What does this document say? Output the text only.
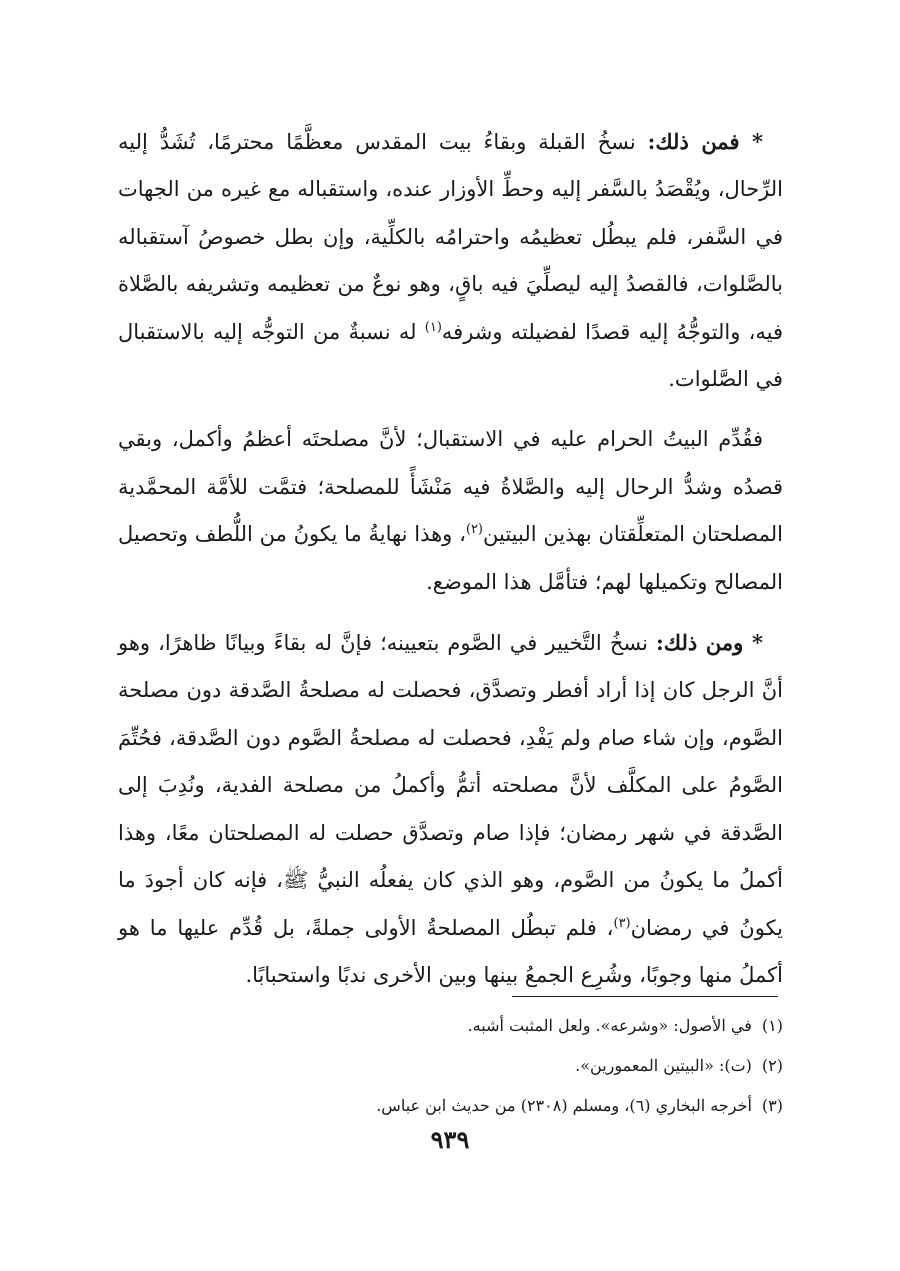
* فمن ذلك: نسخُ القبلة وبقاءُ بيت المقدس معظَّمًا محترمًا، تُشَدُّ إليه الرِّحال، ويُقْصَدُ بالسَّفر إليه وحطِّ الأوزار عنده، واستقباله مع غيره من الجهات في السَّفر، فلم يبطُل تعظيمُه واحترامُه بالكلِّية، وإن بطل خصوصُ آستقباله بالصَّلوات، فالقصدُ إليه ليصلِّيَ فيه باقٍ، وهو نوعٌ من تعظيمه وتشريفه بالصَّلاة فيه، والتوجُّهُ إليه قصدًا لفضيلته وشرفه$^{(١)}$ له نسبةٌ من التوجُّه إليه بالاستقبال في الصَّلوات.

فقُدِّم البيتُ الحرام عليه في الاستقبال؛ لأنَّ مصلحتَه أعظمُ وأكمل، وبقي قصدُه وشدُّ الرحال إليه والصَّلاةُ فيه مَنْشَأً للمصلحة؛ فتمَّت للأمَّة المحمَّدية المصلحتان المتعلِّقتان بهذين البيتين$^{(٢)}$، وهذا نهايةُ ما يكونُ من اللُّطف وتحصيل المصالح وتكميلها لهم؛ فتأمَّل هذا الموضع.

* ومن ذلك: نسخُ التَّخيير في الصَّوم بتعيينه؛ فإنَّ له بقاءً وبيانًا ظاهرًا، وهو أنَّ الرجل كان إذا أراد أفطر وتصدَّق، فحصلت له مصلحةُ الصَّدقة دون مصلحة الصَّوم، وإن شاء صام ولم يَفْدِ، فحصلت له مصلحةُ الصَّوم دون الصَّدقة، فحُتِّمَ الصَّومُ على المكلَّف لأنَّ مصلحته أتمُّ وأكملُ من مصلحة الفدية، ونُدِبَ إلى الصَّدقة في شهر رمضان؛ فإذا صام وتصدَّق حصلت له المصلحتان معًا، وهذا أكملُ ما يكونُ من الصَّوم، وهو الذي كان يفعلُه النبيُّ ﷺ، فإنه كان أجودَ ما يكونُ في رمضان$^{(٣)}$، فلم تبطُل المصلحةُ الأولى جملةً، بل قُدِّم عليها ما هو أكملُ منها وجوبًا، وشُرِع الجمعُ بينها وبين الأخرى ندبًا واستحبابًا.

(١)في الأصول: «وشرعه». ولعل المثبت أشبه.

(٢)(ت): «البيتين المعمورين».

(٣)أخرجه البخاري (٦)، ومسلم (٢٣٠٨) من حديث ابن عباس.

٩٣٩
